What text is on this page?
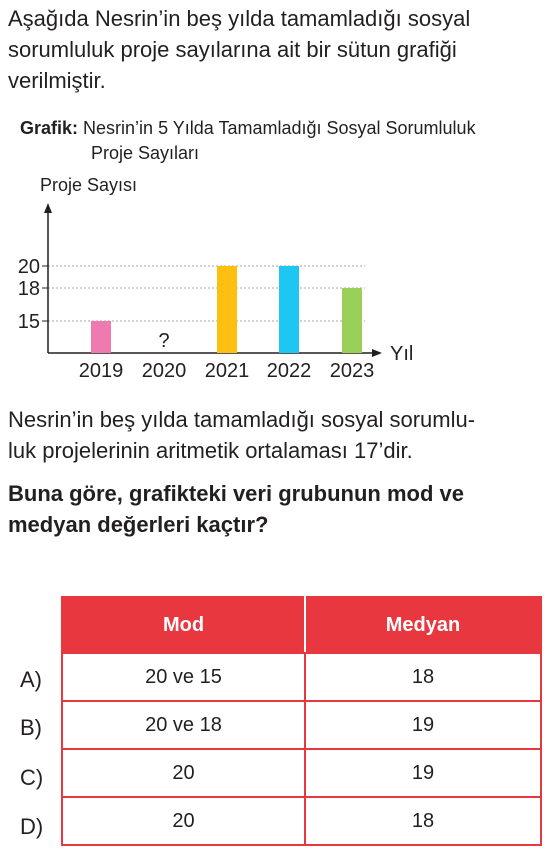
Aşağıda Nesrin’in beş yılda tamamladığı sosyal
sorumluluk proje sayılarına ait bir sütun grafiği
verilmiştir.
Grafik: Nesrin’in 5 Yılda Tamamladığı Sosyal Sorumluluk
Proje Sayıları
Proje Sayısı
Yıl
?
15
18
20
2019 2020 2021 2022 2023
Nesrin’in beş yılda tamamladığı sosyal sorumlu-
luk projelerinin aritmetik ortalaması 17’dir.
Buna göre, grafikteki veri grubunun mod ve
medyan değerleri kaçtır?
A)
B)
C)
D)
Mod	Medyan
20 ve 15	18
20 ve 18	19
20	19
20	18
